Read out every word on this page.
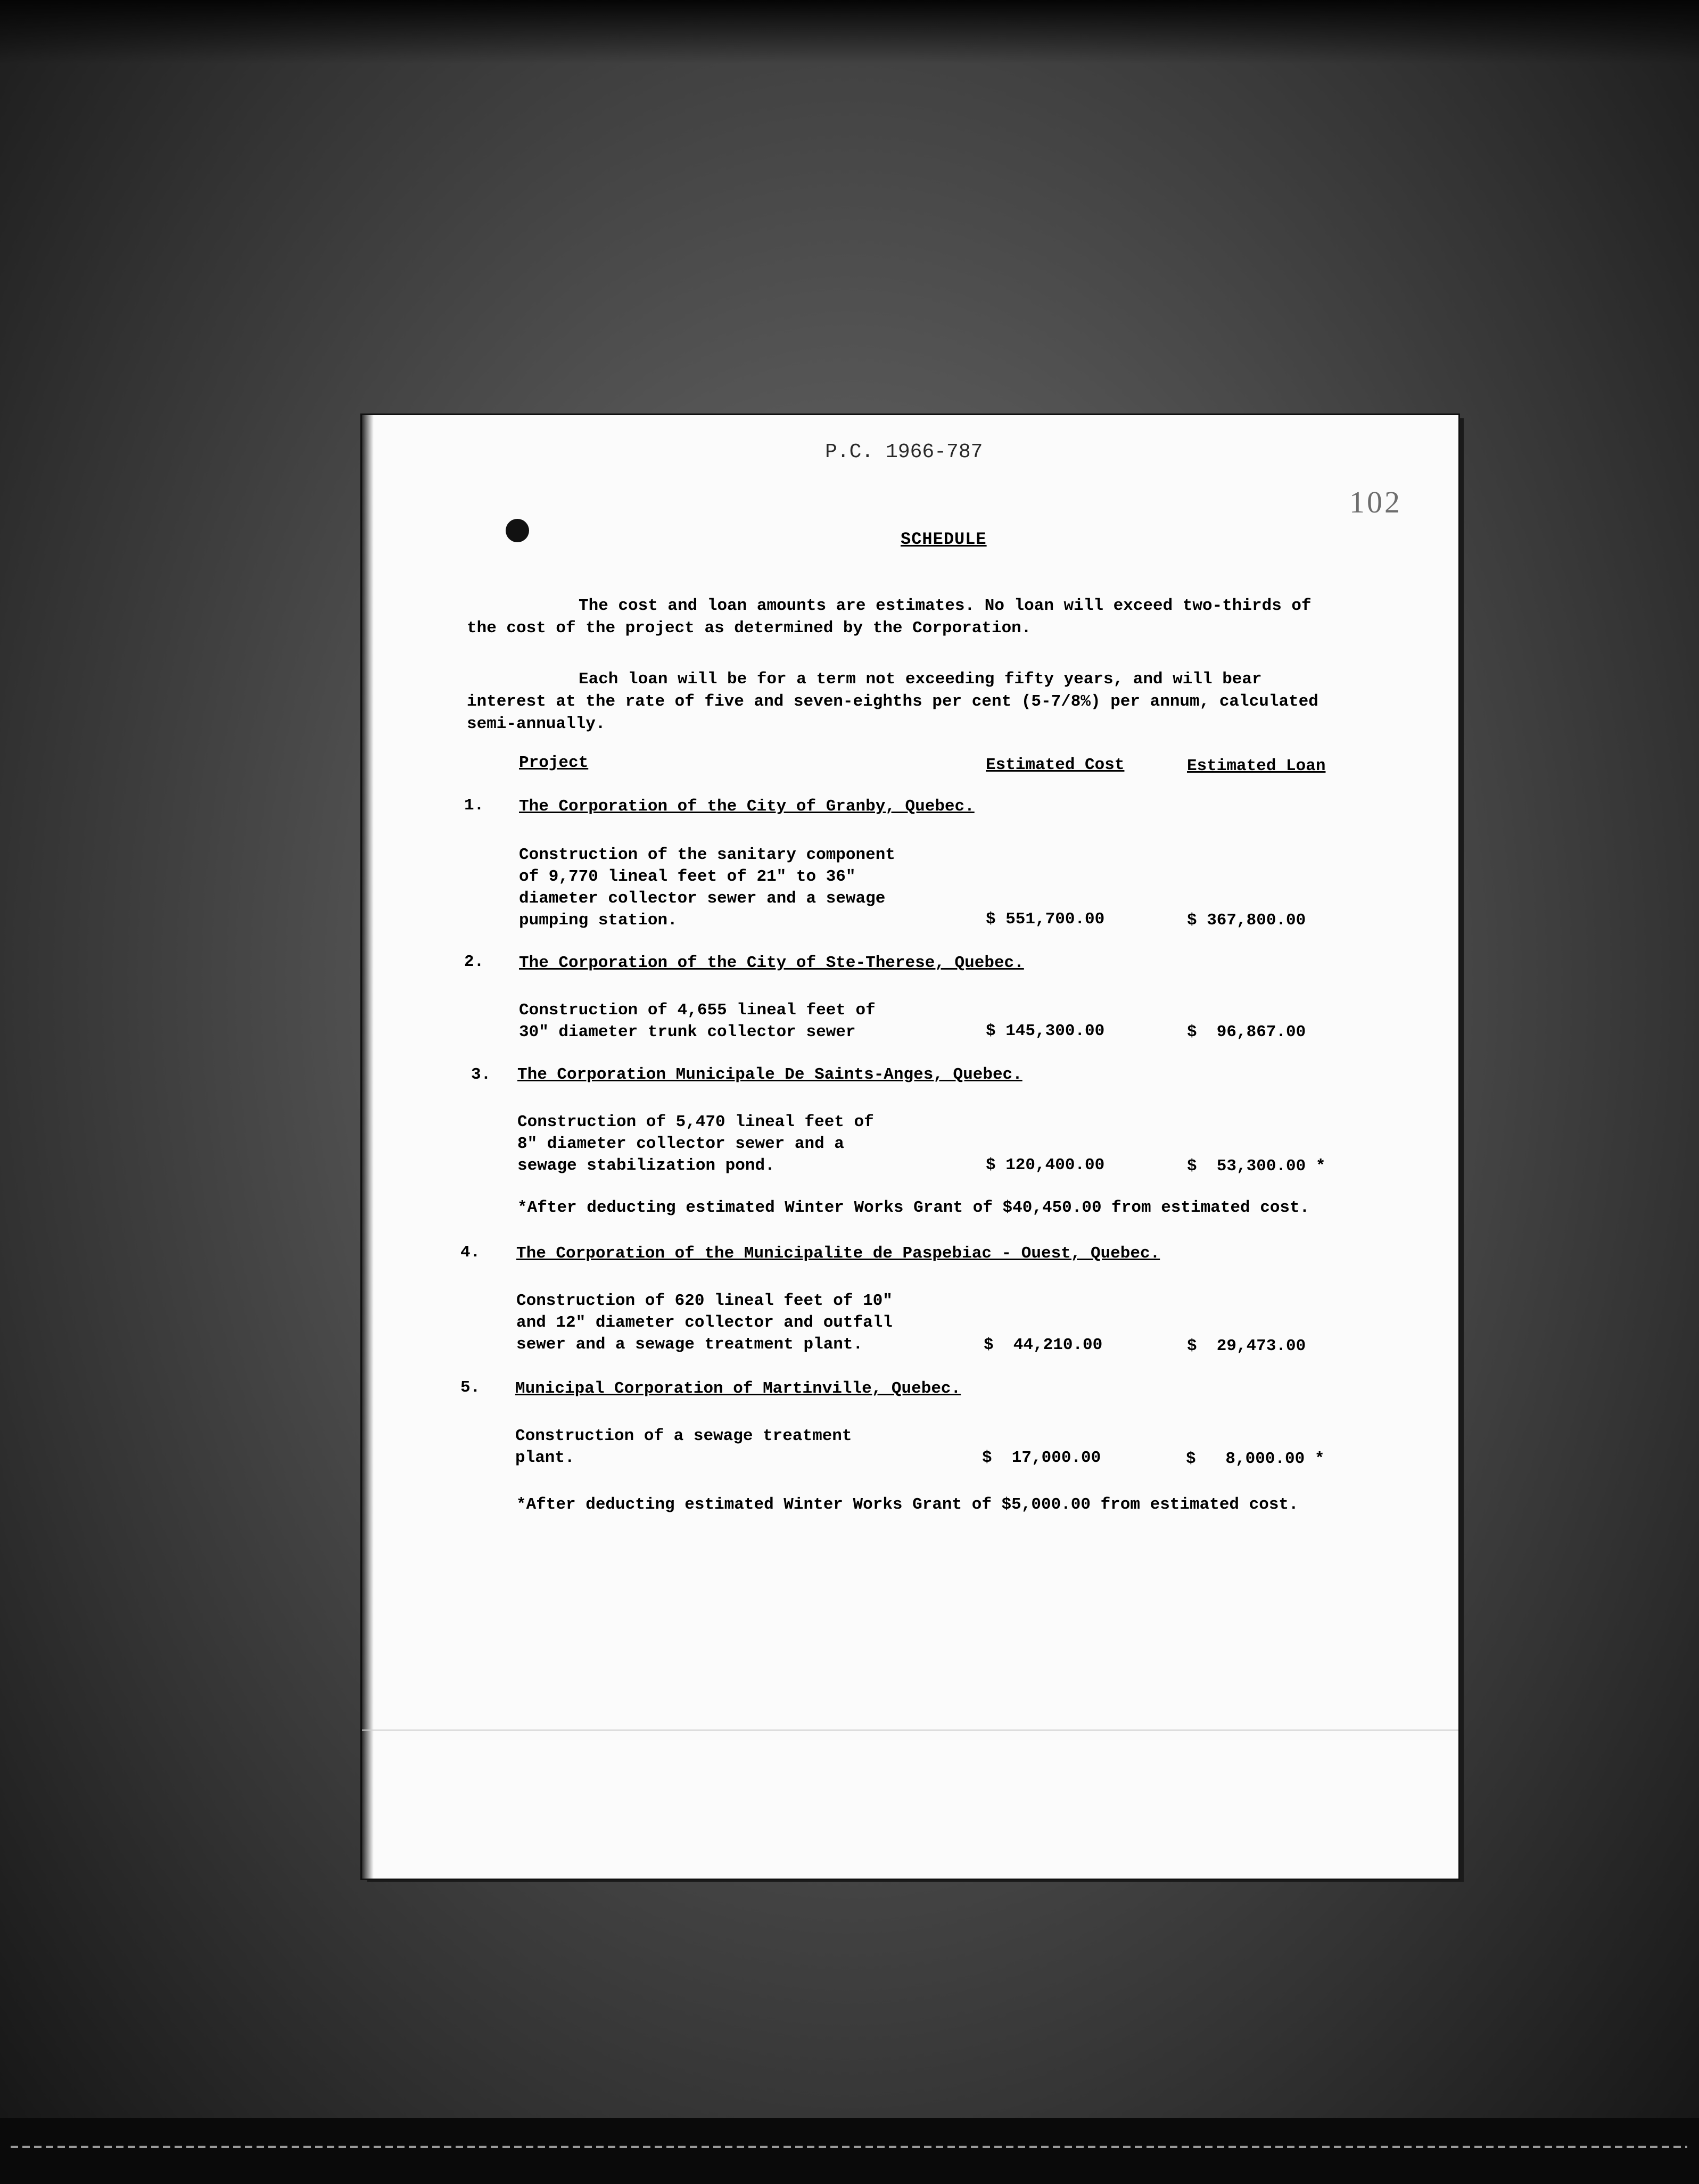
P.C. 1966-787
102
SCHEDULE
The cost and loan amounts are estimates. No loan will exceed two-thirds of the cost of the project as determined by the Corporation.
Each loan will be for a term not exceeding fifty years, and will bear interest at the rate of five and seven-eighths per cent (5-7/8%) per annum, calculated semi-annually.
Project	Estimated Cost	Estimated Loan
1. The Corporation of the City of Granby, Quebec.
Construction of the sanitary component
of 9,770 lineal feet of 21" to 36"
diameter collector sewer and a sewage
pumping station.	$ 551,700.00	$ 367,800.00
2. The Corporation of the City of Ste-Therese, Quebec.
Construction of 4,655 lineal feet of
30" diameter trunk collector sewer	$ 145,300.00	$  96,867.00
3. The Corporation Municipale De Saints-Anges, Quebec.
Construction of 5,470 lineal feet of
8" diameter collector sewer and a
sewage stabilization pond.	$ 120,400.00	$  53,300.00 *
*After deducting estimated Winter Works Grant of $40,450.00 from estimated cost.
4. The Corporation of the Municipalite de Paspebiac - Ouest, Quebec.
Construction of 620 lineal feet of 10"
and 12" diameter collector and outfall
sewer and a sewage treatment plant.	$  44,210.00	$  29,473.00
5. Municipal Corporation of Martinville, Quebec.
Construction of a sewage treatment
plant.	$  17,000.00	$   8,000.00 *
*After deducting estimated Winter Works Grant of $5,000.00 from estimated cost.
